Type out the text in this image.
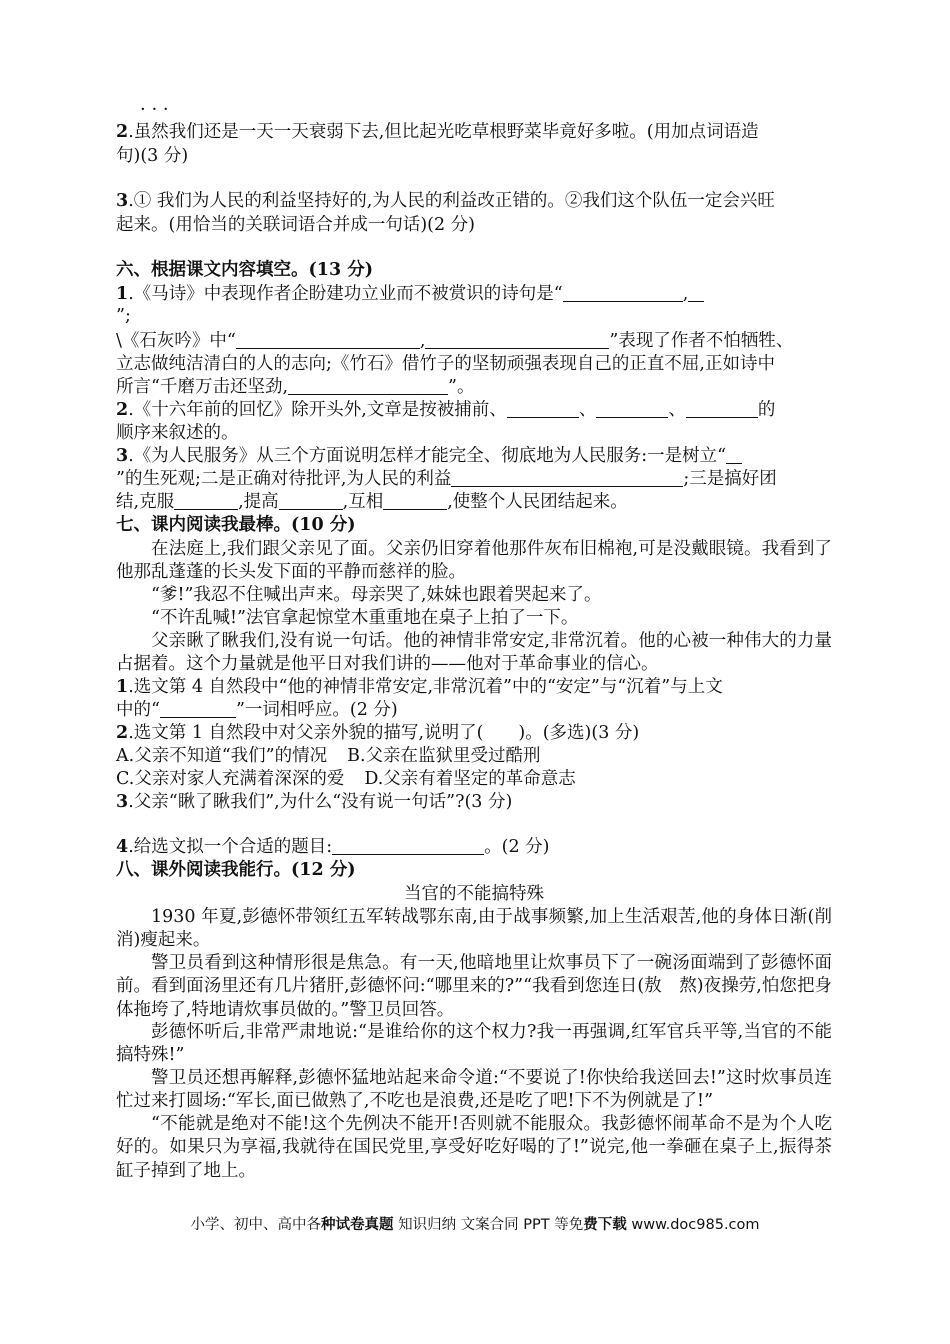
· · ·
2.虽然我们还是一天一天衰弱下去,但比起光吃草根野菜毕竟好多啦。(用加点词语造
句)(3 分)
3.① 我们为人民的利益坚持好的,为人民的利益改正错的。②我们这个队伍一定会兴旺
起来。(用恰当的关联词语合并成一句话)(2 分)
六、根据课文内容填空。(13 分)
1.《马诗》中表现作者企盼建功立业而不被赏识的诗句是“	,
”;
\《石灰吟》中“	,	”表现了作者不怕牺牲、
立志做纯洁清白的人的志向;《竹石》借竹子的坚韧顽强表现自己的正直不屈,正如诗中
所言“千磨万击还坚劲,	”。
2.《十六年前的回忆》除开头外,文章是按被捕前、	、	、	的
顺序来叙述的。
3.《为人民服务》从三个方面说明怎样才能完全、彻底地为人民服务:一是树立“
”的生死观;二是正确对待批评,为人民的利益	;三是搞好团
结,克服	,提高	,互相	,使整个人民团结起来。
七、课内阅读我最棒。(10 分)
在法庭上,我们跟父亲见了面。父亲仍旧穿着他那件灰布旧棉袍,可是没戴眼镜。我看到了他那乱蓬蓬的长头发下面的平静而慈祥的脸。
“爹!”我忍不住喊出声来。母亲哭了,妹妹也跟着哭起来了。
“不许乱喊!”法官拿起惊堂木重重地在桌子上拍了一下。
父亲瞅了瞅我们,没有说一句话。他的神情非常安定,非常沉着。他的心被一种伟大的力量占据着。这个力量就是他平日对我们讲的——他对于革命事业的信心。
1.选文第 4 自然段中“他的神情非常安定,非常沉着”中的“安定”与“沉着”与上文
中的“	”一词相呼应。(2 分)
2.选文第 1 自然段中对父亲外貌的描写,说明了(　　)。(多选)(3 分)
A.父亲不知道“我们”的情况 B.父亲在监狱里受过酷刑
C.父亲对家人充满着深深的爱 D.父亲有着坚定的革命意志
3.父亲“瞅了瞅我们”,为什么“没有说一句话”?(3 分)
4.给选文拟一个合适的题目:	。(2 分)
八、课外阅读我能行。(12 分)
当官的不能搞特殊
1930 年夏,彭德怀带领红五军转战鄂东南,由于战事频繁,加上生活艰苦,他的身体日渐(削　消)瘦起来。
警卫员看到这种情形很是焦急。有一天,他暗地里让炊事员下了一碗汤面端到了彭德怀面前。看到面汤里还有几片猪肝,彭德怀问:“哪里来的?”“我看到您连日(敖　熬)夜操劳,怕您把身体拖垮了,特地请炊事员做的。”警卫员回答。
彭德怀听后,非常严肃地说:“是谁给你的这个权力?我一再强调,红军官兵平等,当官的不能搞特殊!”
警卫员还想再解释,彭德怀猛地站起来命令道:“不要说了!你快给我送回去!”这时炊事员连忙过来打圆场:“军长,面已做熟了,不吃也是浪费,还是吃了吧!下不为例就是了!”
“不能就是绝对不能!这个先例决不能开!否则就不能服众。我彭德怀闹革命不是为个人吃好的。如果只为享福,我就待在国民党里,享受好吃好喝的了!”说完,他一拳砸在桌子上,振得茶缸子掉到了地上。
小学、初中、高中各种试卷真题 知识归纳 文案合同 PPT 等免费下载 www.doc985.com
